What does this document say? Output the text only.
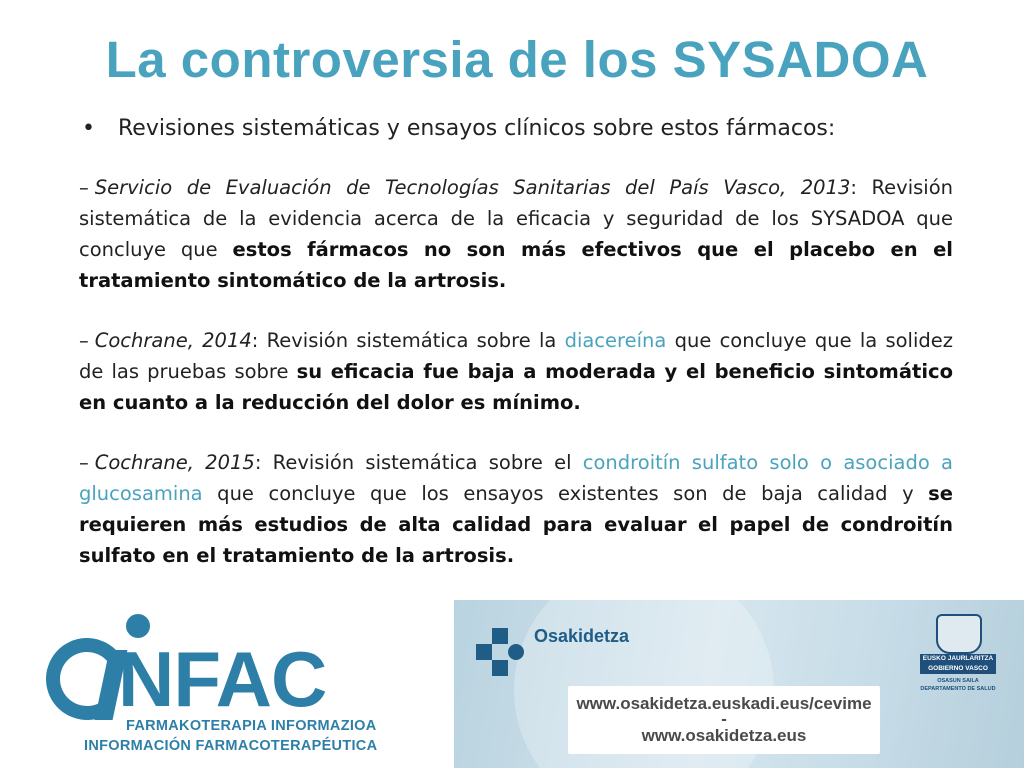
La controversia de los SYSADOA
• Revisiones sistemáticas y ensayos clínicos sobre estos fármacos:

– Servicio de Evaluación de Tecnologías Sanitarias del País Vasco, 2013: Revisión sistemática de la evidencia acerca de la eficacia y seguridad de los SYSADOA que concluye que estos fármacos no son más efectivos que el placebo en el tratamiento sintomático de la artrosis.

– Cochrane, 2014: Revisión sistemática sobre la diacereína que concluye que la solidez de las pruebas sobre su eficacia fue baja a moderada y el beneficio sintomático en cuanto a la reducción del dolor es mínimo.

– Cochrane, 2015: Revisión sistemática sobre el condroitín sulfato solo o asociado a glucosamina que concluye que los ensayos existentes son de baja calidad y se requieren más estudios de alta calidad para evaluar el papel de condroitín sulfato en el tratamiento de la artrosis.

NFAC
FARMAKOTERAPIA INFORMAZIOA
INFORMACIÓN FARMACOTERAPÉUTICA
Osakidetza
www.osakidetza.euskadi.eus/cevime
-
www.osakidetza.eus
EUSKO JAURLARITZA
GOBIERNO VASCO
OSASUN SAILA
DEPARTAMENTO DE SALUD
